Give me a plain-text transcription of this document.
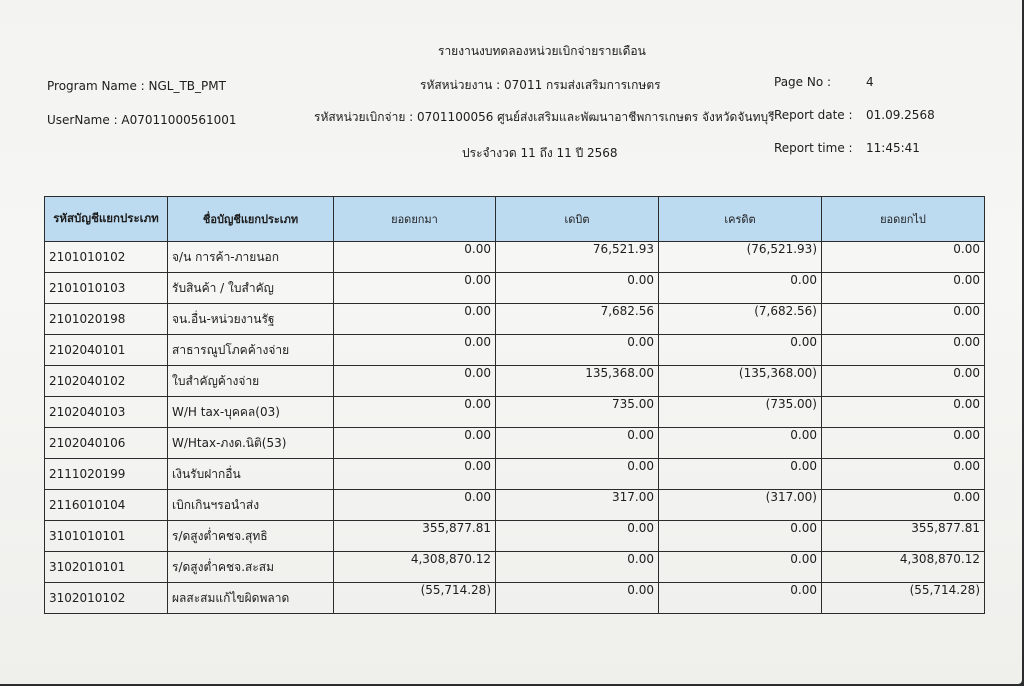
รายงานงบทดลองหน่วยเบิกจ่ายรายเดือน
Program Name : NGL_TB_PMT	รหัสหน่วยงาน : 07011 กรมส่งเสริมการเกษตร	Page No :	4
UserName : A07011000561001	รหัสหน่วยเบิกจ่าย : 0701100056 ศูนย์ส่งเสริมและพัฒนาอาชีพการเกษตร จังหวัดจันทบุรี Report date : 01.09.2568
ประจำงวด 11 ถึง 11 ปี 2568	Report time : 11:45:41
รหัสบัญชีแยกประเภท	ชื่อบัญชีแยกประเภท	ยอดยกมา	เดบิต	เครดิต	ยอดยกไป
2101010102	จ/น การค้า-ภายนอก	0.00	76,521.93	(76,521.93)	0.00
2101010103	รับสินค้า / ใบสำคัญ	0.00	0.00	0.00	0.00
2101020198	จน.อื่น-หน่วยงานรัฐ	0.00	7,682.56	(7,682.56)	0.00
2102040101	สาธารณูปโภคค้างจ่าย	0.00	0.00	0.00	0.00
2102040102	ใบสำคัญค้างจ่าย	0.00	135,368.00	(135,368.00)	0.00
2102040103	W/H tax-บุคคล(03)	0.00	735.00	(735.00)	0.00
2102040106	W/Htax-ภงด.นิติ(53)	0.00	0.00	0.00	0.00
2111020199	เงินรับฝากอื่น	0.00	0.00	0.00	0.00
2116010104	เบิกเกินฯรอนำส่ง	0.00	317.00	(317.00)	0.00
3101010101	ร/ดสูงต่ำคชจ.สุทธิ	355,877.81	0.00	0.00	355,877.81
3102010101	ร/ดสูงต่ำคชจ.สะสม	4,308,870.12	0.00	0.00	4,308,870.12
3102010102	ผลสะสมแก้ไขผิดพลาด	(55,714.28)	0.00	0.00	(55,714.28)
